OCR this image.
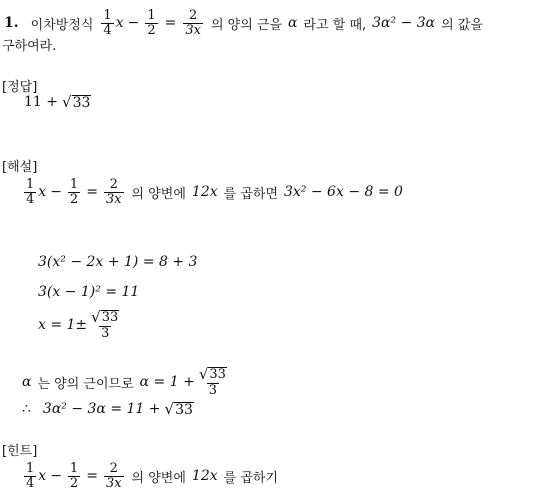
1. 이차방정식 $\frac{1}{4}$ $x - \frac{1}{2} = \frac{2}{3x}$ 의 양의 근을 α 라고 할 때, 3α² − 3α 의 값을
구하여라.
[정답]
11 + √ 33
[해설]
$\frac{1}{4}$ $x - \frac{1}{2} = \frac{2}{3x}$ 의 양변에 12x 를 곱하면 3x² − 6x − 8 = 0
3(x² − 2x + 1) = 8 + 3
3(x − 1)² = 11
$x = 1\pm \frac{√ 33}{3}$
α 는 양의 근이므로 $\alpha = 1 + \frac{√ 33}{3}$
∴ 3α² − 3α = 11 + √ 33
[힌트]
$\frac{1}{4}$ $x - \frac{1}{2} = \frac{2}{3x}$ 의 양변에 12x 를 곱하기
